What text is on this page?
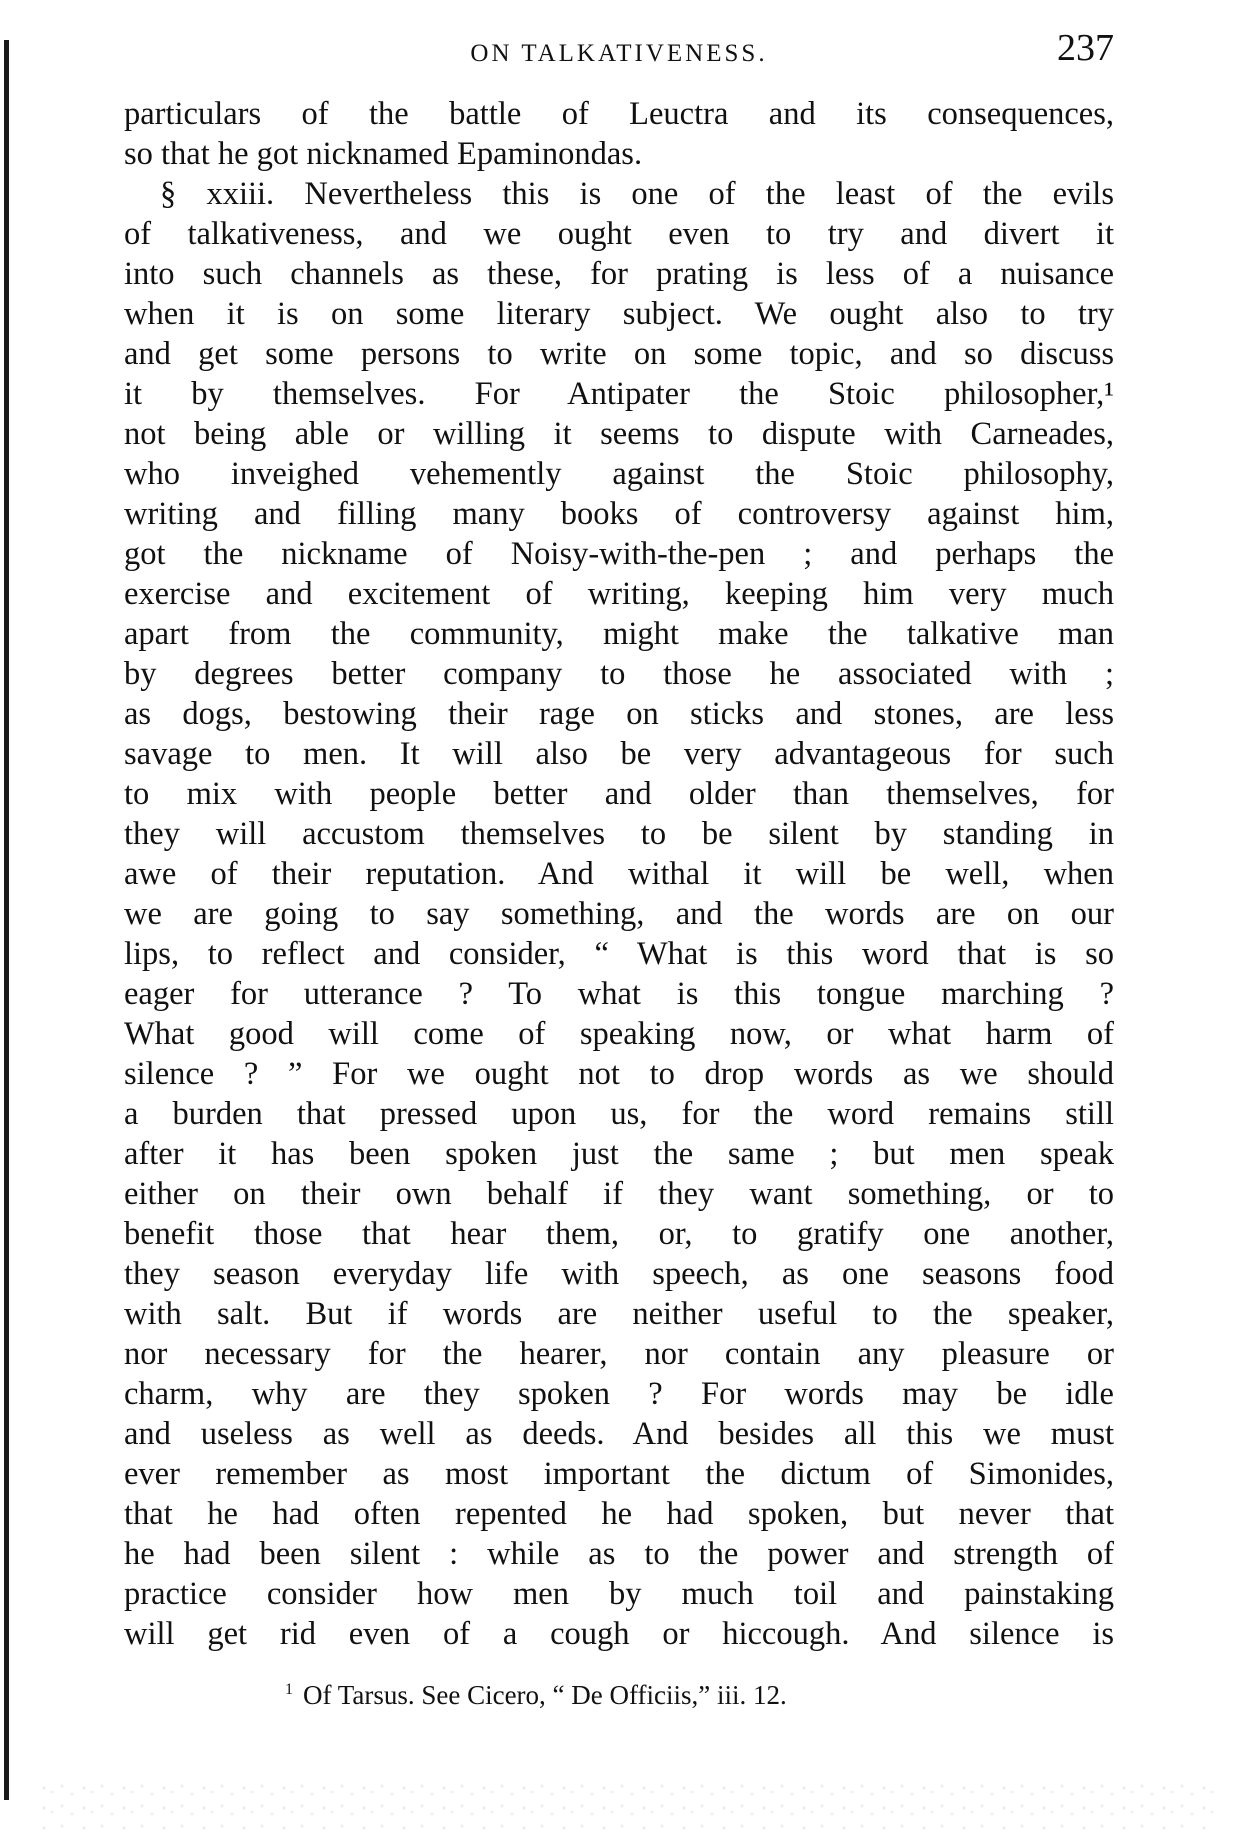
ON TALKATIVENESS.	237
particulars of the battle of Leuctra and its consequences,
so that he got nicknamed Epaminondas.
§ xxiii. Nevertheless this is one of the least of the evils
of talkativeness, and we ought even to try and divert it
into such channels as these, for prating is less of a nuisance
when it is on some literary subject. We ought also to try
and get some persons to write on some topic, and so discuss
it by themselves. For Antipater the Stoic philosopher,¹
not being able or willing it seems to dispute with Carneades,
who inveighed vehemently against the Stoic philosophy,
writing and filling many books of controversy against him,
got the nickname of Noisy-with-the-pen ; and perhaps the
exercise and excitement of writing, keeping him very much
apart from the community, might make the talkative man
by degrees better company to those he associated with ;
as dogs, bestowing their rage on sticks and stones, are less
savage to men. It will also be very advantageous for such
to mix with people better and older than themselves, for
they will accustom themselves to be silent by standing in
awe of their reputation. And withal it will be well, when
we are going to say something, and the words are on our
lips, to reflect and consider, “ What is this word that is so
eager for utterance ? To what is this tongue marching ?
What good will come of speaking now, or what harm of
silence ? ” For we ought not to drop words as we should
a burden that pressed upon us, for the word remains still
after it has been spoken just the same ; but men speak
either on their own behalf if they want something, or to
benefit those that hear them, or, to gratify one another,
they season everyday life with speech, as one seasons food
with salt. But if words are neither useful to the speaker,
nor necessary for the hearer, nor contain any pleasure or
charm, why are they spoken ? For words may be idle
and useless as well as deeds. And besides all this we must
ever remember as most important the dictum of Simonides,
that he had often repented he had spoken, but never that
he had been silent : while as to the power and strength of
practice consider how men by much toil and painstaking
will get rid even of a cough or hiccough. And silence is
$^1$ Of Tarsus. See Cicero, “ De Officiis,” iii. 12.
